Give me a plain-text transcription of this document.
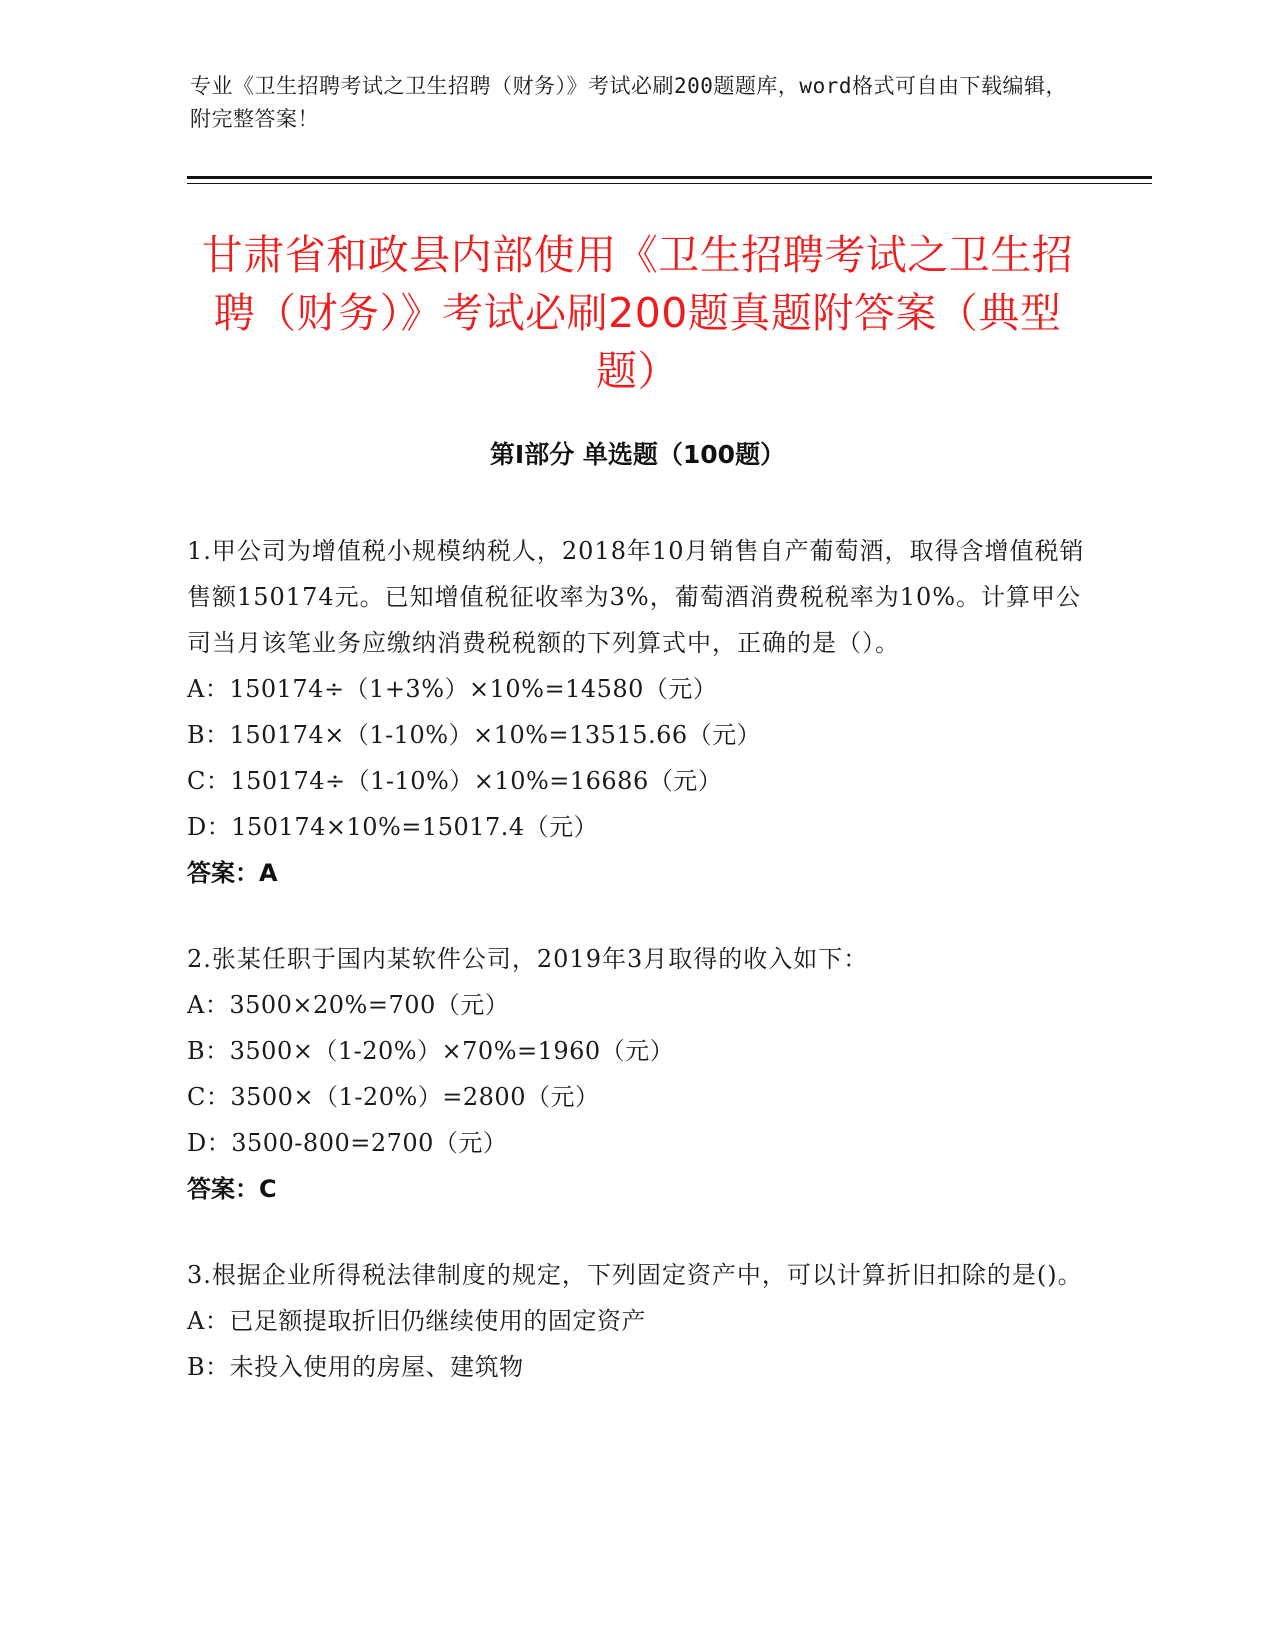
专业《卫生招聘考试之卫生招聘（财务）》考试必刷200题题库，word格式可自由下载编辑，附完整答案！
甘肃省和政县内部使用《卫生招聘考试之卫生招聘（财务）》考试必刷200题真题附答案（典型题）
第I部分 单选题（100题）
1.甲公司为增值税小规模纳税人，2018年10月销售自产葡萄酒，取得含增值税销售额150174元。已知增值税征收率为3%，葡萄酒消费税税率为10%。计算甲公司当月该笔业务应缴纳消费税税额的下列算式中，正确的是（）。
A：150174÷（1+3%）×10%=14580（元）
B：150174×（1-10%）×10%=13515.66（元）
C：150174÷（1-10%）×10%=16686（元）
D：150174×10%=15017.4（元）
答案：A
2.张某任职于国内某软件公司，2019年3月取得的收入如下：
A：3500×20%=700（元）
B：3500×（1-20%）×70%=1960（元）
C：3500×（1-20%）=2800（元）
D：3500-800=2700（元）
答案：C
3.根据企业所得税法律制度的规定，下列固定资产中，可以计算折旧扣除的是()。
A：已足额提取折旧仍继续使用的固定资产
B：未投入使用的房屋、建筑物
